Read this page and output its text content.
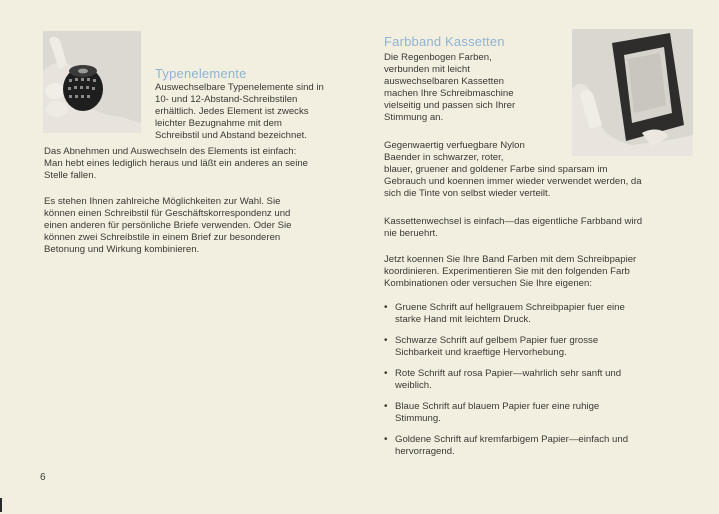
Typenelemente

Auswechselbare Typenelemente sind in

10- und 12-Abstand-Schreibstilen

erhältlich. Jedes Element ist zwecks

leichter Bezugnahme mit dem

Schreibstil und Abstand bezeichnet.

Das Abnehmen und Auswechseln des Elements ist einfach:

Man hebt eines lediglich heraus und läßt ein anderes an seine

Stelle fallen.

Es stehen Ihnen zahlreiche Möglichkeiten zur Wahl. Sie

können einen Schreibstil für Geschäftskorrespondenz und

einen anderen für persönliche Briefe verwenden. Oder Sie

können zwei Schreibstile in einem Brief zur besonderen

Betonung und Wirkung kombinieren.

6
Farbband Kassetten

Die Regenbogen Farben,

verbunden mit leicht

auswechselbaren Kassetten

machen Ihre Schreibmaschine

vielseitig und passen sich Ihrer

Stimmung an.

Gegenwaertig verfuegbare Nylon

Baender in schwarzer, roter,

blauer, gruener and goldener Farbe sind sparsam im

Gebrauch und koennen immer wieder verwendet werden, da

sich die Tinte von selbst wieder verteilt.

Kassettenwechsel is einfach—das eigentliche Farbband wird

nie beruehrt.

Jetzt koennen Sie Ihre Band Farben mit dem Schreibpapier

koordinieren. Experimentieren Sie mit den folgenden Farb

Kombinationen oder versuchen Sie Ihre eigenen:

• Gruene Schrift auf hellgrauem Schreibpapier fuer eine
starke Hand mit leichtem Druck.
• Schwarze Schrift auf gelbem Papier fuer grosse
Sichbarkeit und kraeftige Hervorhebung.
• Rote Schrift auf rosa Papier—wahrlich sehr sanft und
weiblich.
• Blaue Schrift auf blauem Papier fuer eine ruhige
Stimmung.
• Goldene Schrift auf kremfarbigem Papier—einfach und
hervorragend.
